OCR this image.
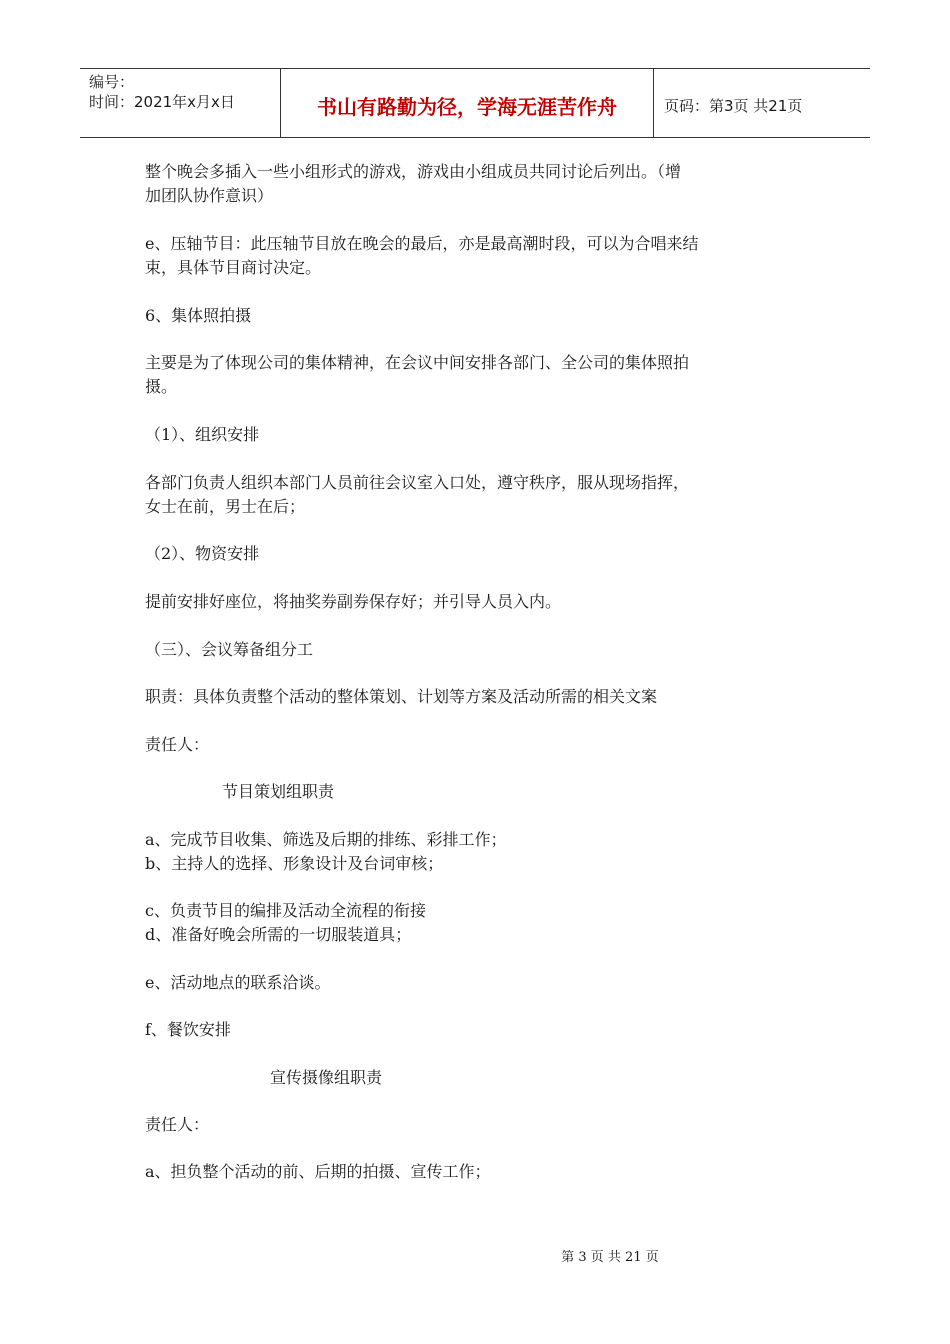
编号：
时间：2021年x月x日	书山有路勤为径，学海无涯苦作舟	页码：第3页 共21页

整个晚会多插入一些小组形式的游戏，游戏由小组成员共同讨论后列出。（增

加团队协作意识）

e、压轴节目：此压轴节目放在晚会的最后，亦是最高潮时段，可以为合唱来结

束，具体节目商讨决定。

6、集体照拍摄

主要是为了体现公司的集体精神，在会议中间安排各部门、全公司的集体照拍

摄。

（1）、组织安排

各部门负责人组织本部门人员前往会议室入口处，遵守秩序，服从现场指挥，

女士在前，男士在后；

（2）、物资安排

提前安排好座位，将抽奖券副券保存好；并引导人员入内。

（三）、会议筹备组分工

职责：具体负责整个活动的整体策划、计划等方案及活动所需的相关文案

责任人：

节目策划组职责

a、完成节目收集、筛选及后期的排练、彩排工作；

b、主持人的选择、形象设计及台词审核；

c、负责节目的编排及活动全流程的衔接

d、准备好晚会所需的一切服装道具；

e、活动地点的联系洽谈。

f、餐饮安排

宣传摄像组职责

责任人：

a、担负整个活动的前、后期的拍摄、宣传工作；

第 3 页 共 21 页
